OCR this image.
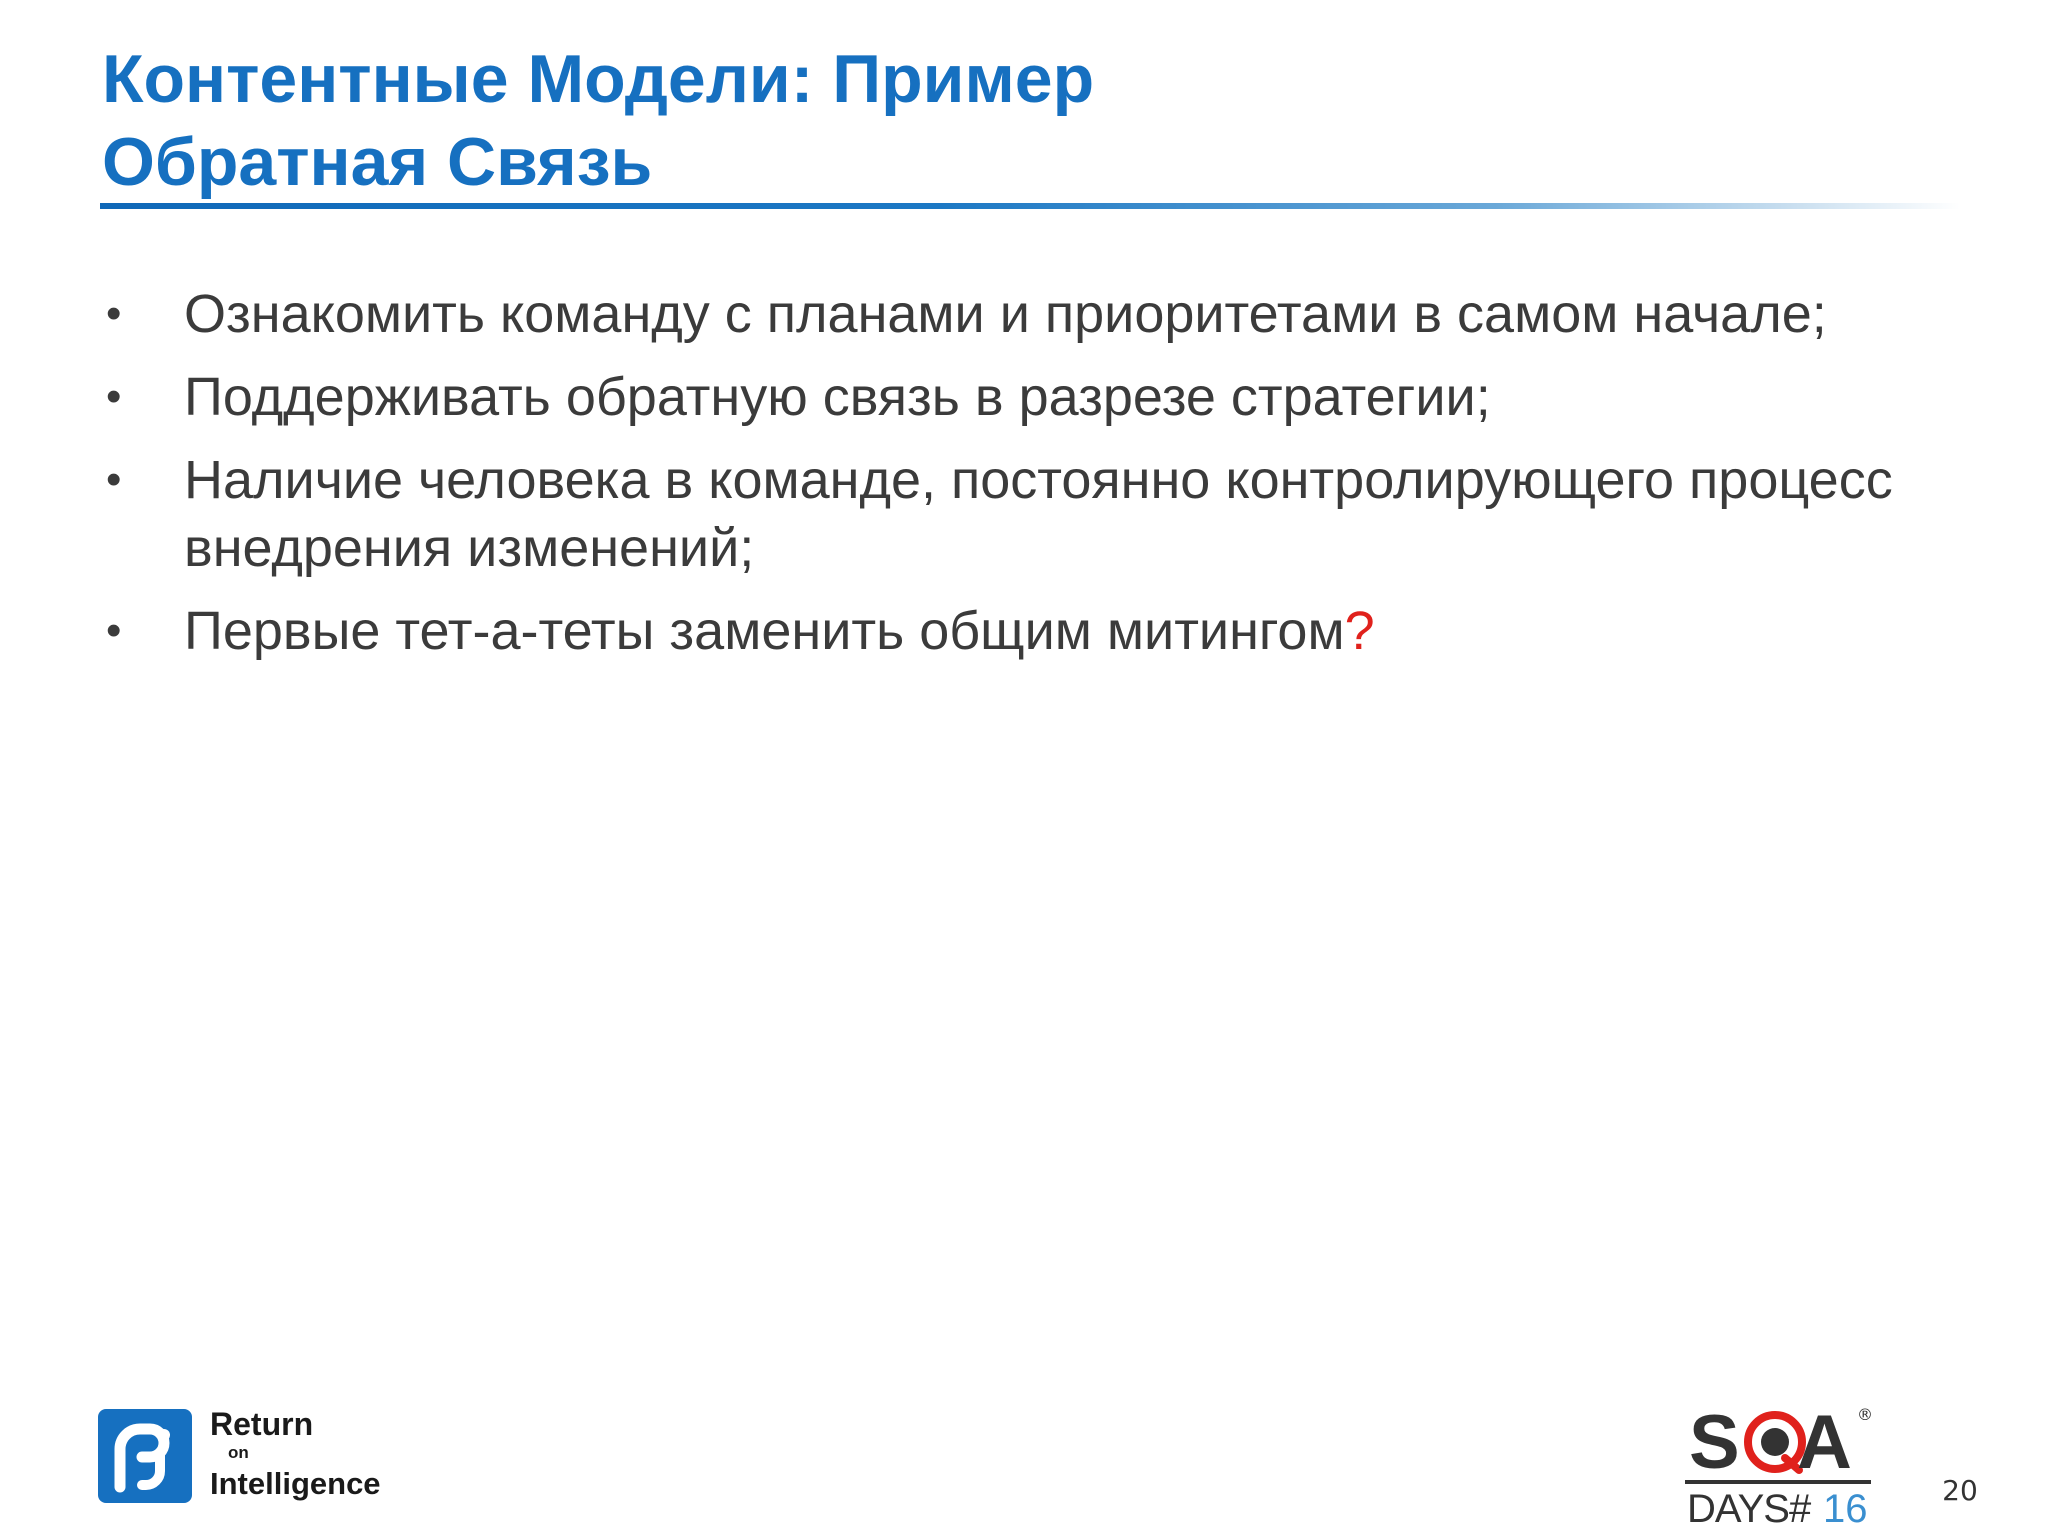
Контентные Модели: Пример
Обратная Связь
• Ознакомить команду с планами и приоритетами в самом начале;
• Поддерживать обратную связь в разрезе стратегии;
• Наличие человека в команде, постоянно контролирующего процесс внедрения изменений;
• Первые тет-а-теты заменить общим митингом?
Return
on
Intelligence	S A ®
DAYS# 16	20
